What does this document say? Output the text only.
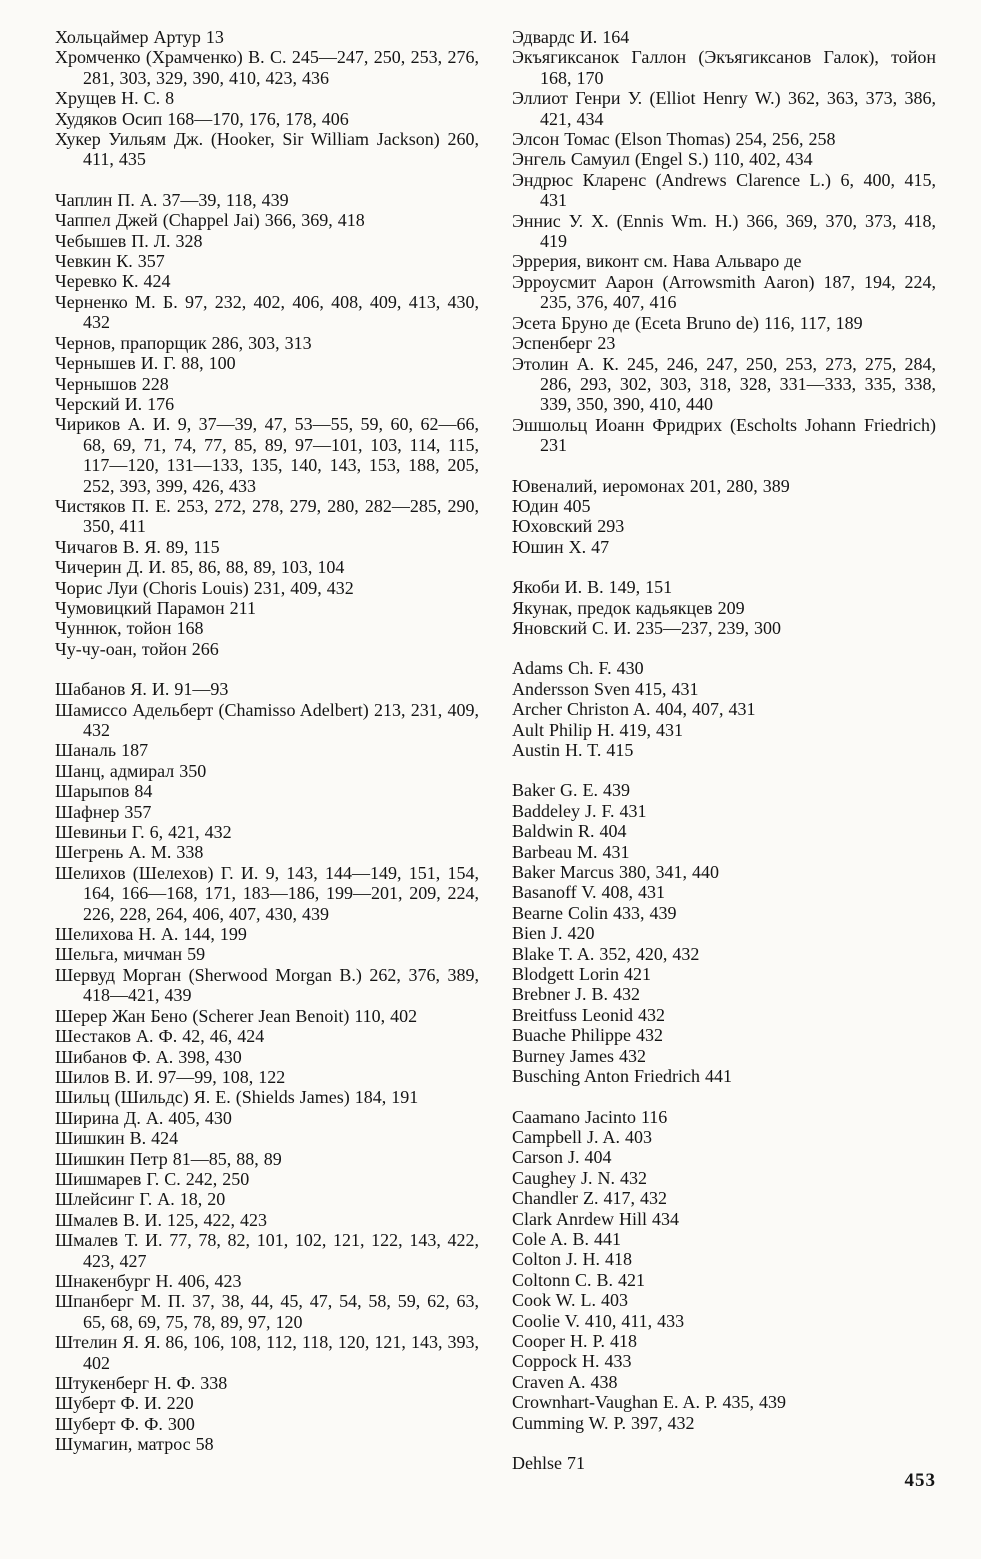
Хольцаймер Артур 13
Хромченко (Храмченко) В. С. 245—247, 250, 253, 276, 281, 303, 329, 390, 410, 423, 436
Хрущев Н. С. 8
Худяков Осип 168—170, 176, 178, 406
Хукер Уильям Дж. (Hooker, Sir William Jackson) 260, 411, 435
Чаплин П. А. 37—39, 118, 439
Чаппел Джей (Chappel Jai) 366, 369, 418
Чебышев П. Л. 328
Чевкин К. 357
Черевко К. 424
Черненко М. Б. 97, 232, 402, 406, 408, 409, 413, 430, 432
Чернов, прапорщик 286, 303, 313
Чернышев И. Г. 88, 100
Чернышов 228
Черский И. 176
Чириков А. И. 9, 37—39, 47, 53—55, 59, 60, 62—66, 68, 69, 71, 74, 77, 85, 89, 97—101, 103, 114, 115, 117—120, 131—133, 135, 140, 143, 153, 188, 205, 252, 393, 399, 426, 433
Чистяков П. Е. 253, 272, 278, 279, 280, 282—285, 290, 350, 411
Чичагов В. Я. 89, 115
Чичерин Д. И. 85, 86, 88, 89, 103, 104
Чорис Луи (Choris Louis) 231, 409, 432
Чумовицкий Парамон 211
Чуннюк, тойон 168
Чу-чу-оан, тойон 266
Шабанов Я. И. 91—93
Шамиссо Адельберт (Chamisso Adelbert) 213, 231, 409, 432
Шаналь 187
Шанц, адмирал 350
Шарыпов 84
Шафнер 357
Шевиньи Г. 6, 421, 432
Шегрень А. М. 338
Шелихов (Шелехов) Г. И. 9, 143, 144—149, 151, 154, 164, 166—168, 171, 183—186, 199—201, 209, 224, 226, 228, 264, 406, 407, 430, 439
Шелихова Н. А. 144, 199
Шельга, мичман 59
Шервуд Морган (Sherwood Morgan B.) 262, 376, 389, 418—421, 439
Шерер Жан Бено (Scherer Jean Benoit) 110, 402
Шестаков А. Ф. 42, 46, 424
Шибанов Ф. А. 398, 430
Шилов В. И. 97—99, 108, 122
Шильц (Шильдс) Я. Е. (Shields James) 184, 191
Ширина Д. А. 405, 430
Шишкин В. 424
Шишкин Петр 81—85, 88, 89
Шишмарев Г. С. 242, 250
Шлейсинг Г. А. 18, 20
Шмалев В. И. 125, 422, 423
Шмалев Т. И. 77, 78, 82, 101, 102, 121, 122, 143, 422, 423, 427
Шнакенбург Н. 406, 423
Шпанберг М. П. 37, 38, 44, 45, 47, 54, 58, 59, 62, 63, 65, 68, 69, 75, 78, 89, 97, 120
Штелин Я. Я. 86, 106, 108, 112, 118, 120, 121, 143, 393, 402
Штукенберг Н. Ф. 338
Шуберт Ф. И. 220
Шуберт Ф. Ф. 300
Шумагин, матрос 58
Эдвардс И. 164
Экъягиксанок Галлон (Экъягиксанов Галок), тойон 168, 170
Эллиот Генри У. (Elliot Henry W.) 362, 363, 373, 386, 421, 434
Элсон Томас (Elson Thomas) 254, 256, 258
Энгель Самуил (Engel S.) 110, 402, 434
Эндрюс Кларенс (Andrews Clarence L.) 6, 400, 415, 431
Эннис У. Х. (Ennis Wm. H.) 366, 369, 370, 373, 418, 419
Эррерия, виконт см. Нава Альваро де
Эрроусмит Аарон (Arrowsmith Aaron) 187, 194, 224, 235, 376, 407, 416
Эсета Бруно де (Eceta Bruno de) 116, 117, 189
Эспенберг 23
Этолин А. К. 245, 246, 247, 250, 253, 273, 275, 284, 286, 293, 302, 303, 318, 328, 331—333, 335, 338, 339, 350, 390, 410, 440
Эшшольц Иоанн Фридрих (Escholts Johann Friedrich) 231
Ювеналий, иеромонах 201, 280, 389
Юдин 405
Юховский 293
Юшин Х. 47
Якоби И. В. 149, 151
Якунак, предок кадьякцев 209
Яновский С. И. 235—237, 239, 300
Adams Ch. F. 430
Andersson Sven 415, 431
Archer Christon A. 404, 407, 431
Ault Philip H. 419, 431
Austin H. T. 415
Baker G. E. 439
Baddeley J. F. 431
Baldwin R. 404
Barbeau M. 431
Baker Marcus 380, 341, 440
Basanoff V. 408, 431
Bearne Colin 433, 439
Bien J. 420
Blake T. A. 352, 420, 432
Blodgett Lorin 421
Brebner J. B. 432
Breitfuss Leonid 432
Buache Philippe 432
Burney James 432
Busching Anton Friedrich 441
Caamano Jacinto 116
Campbell J. A. 403
Carson J. 404
Caughey J. N. 432
Chandler Z. 417, 432
Clark Anrdew Hill 434
Cole A. B. 441
Colton J. H. 418
Coltonn C. B. 421
Cook W. L. 403
Coolie V. 410, 411, 433
Cooper H. P. 418
Coppock H. 433
Craven A. 438
Crownhart-Vaughan E. A. P. 435, 439
Cumming W. P. 397, 432
Dehlse 71
453
